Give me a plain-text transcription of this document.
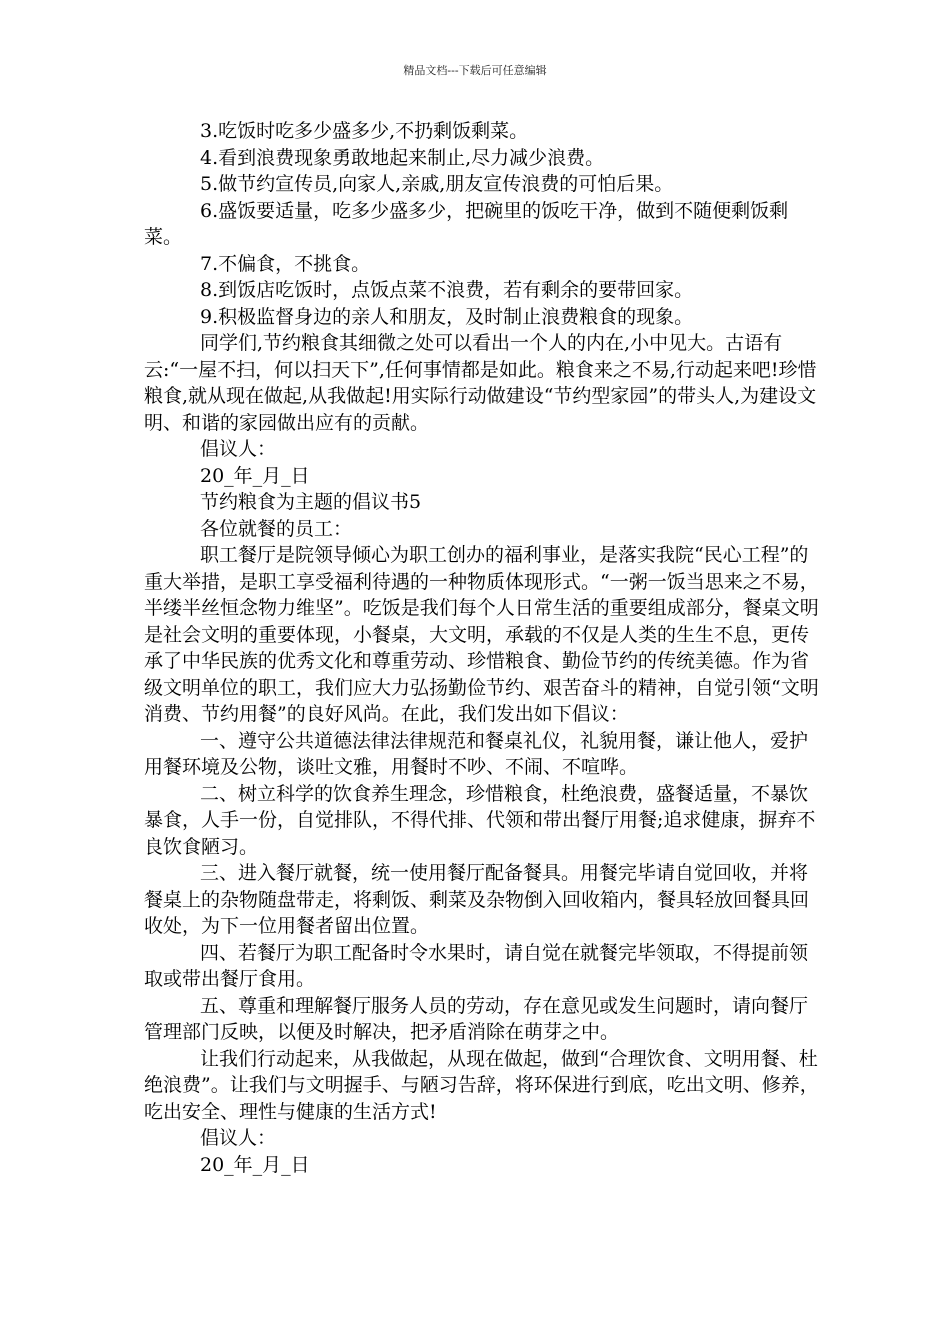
精品文档---下载后可任意编辑

3.吃饭时吃多少盛多少,不扔剩饭剩菜。

4.看到浪费现象勇敢地起来制止,尽力减少浪费。

5.做节约宣传员,向家人,亲戚,朋友宣传浪费的可怕后果。

6.盛饭要适量，吃多少盛多少，把碗里的饭吃干净，做到不随便剩饭剩菜。

7.不偏食，不挑食。

8.到饭店吃饭时，点饭点菜不浪费，若有剩余的要带回家。

9.积极监督身边的亲人和朋友，及时制止浪费粮食的现象。

同学们,节约粮食其细微之处可以看出一个人的内在,小中见大。古语有云:“一屋不扫，何以扫天下”,任何事情都是如此。粮食来之不易,行动起来吧!珍惜粮食,就从现在做起,从我做起!用实际行动做建设“节约型家园”的带头人,为建设文明、和谐的家园做出应有的贡献。

倡议人：

20_年_月_日

节约粮食为主题的倡议书5

各位就餐的员工：

职工餐厅是院领导倾心为职工创办的福利事业，是落实我院“民心工程”的重大举措，是职工享受福利待遇的一种物质体现形式。“一粥一饭当思来之不易，半缕半丝恒念物力维坚”。吃饭是我们每个人日常生活的重要组成部分，餐桌文明是社会文明的重要体现，小餐桌，大文明，承载的不仅是人类的生生不息，更传承了中华民族的优秀文化和尊重劳动、珍惜粮食、勤俭节约的传统美德。作为省级文明单位的职工，我们应大力弘扬勤俭节约、艰苦奋斗的精神，自觉引领“文明消费、节约用餐”的良好风尚。在此，我们发出如下倡议：

一、遵守公共道德法律法律规范和餐桌礼仪，礼貌用餐，谦让他人，爱护用餐环境及公物，谈吐文雅，用餐时不吵、不闹、不喧哗。

二、树立科学的饮食养生理念，珍惜粮食，杜绝浪费，盛餐适量，不暴饮暴食，人手一份，自觉排队，不得代排、代领和带出餐厅用餐;追求健康，摒弃不良饮食陋习。

三、进入餐厅就餐，统一使用餐厅配备餐具。用餐完毕请自觉回收，并将餐桌上的杂物随盘带走，将剩饭、剩菜及杂物倒入回收箱内，餐具轻放回餐具回收处，为下一位用餐者留出位置。

四、若餐厅为职工配备时令水果时，请自觉在就餐完毕领取，不得提前领取或带出餐厅食用。

五、尊重和理解餐厅服务人员的劳动，存在意见或发生问题时，请向餐厅管理部门反映，以便及时解决，把矛盾消除在萌芽之中。

让我们行动起来，从我做起，从现在做起，做到“合理饮食、文明用餐、杜绝浪费”。让我们与文明握手、与陋习告辞，将环保进行到底，吃出文明、修养，吃出安全、理性与健康的生活方式!

倡议人：

20_年_月_日
